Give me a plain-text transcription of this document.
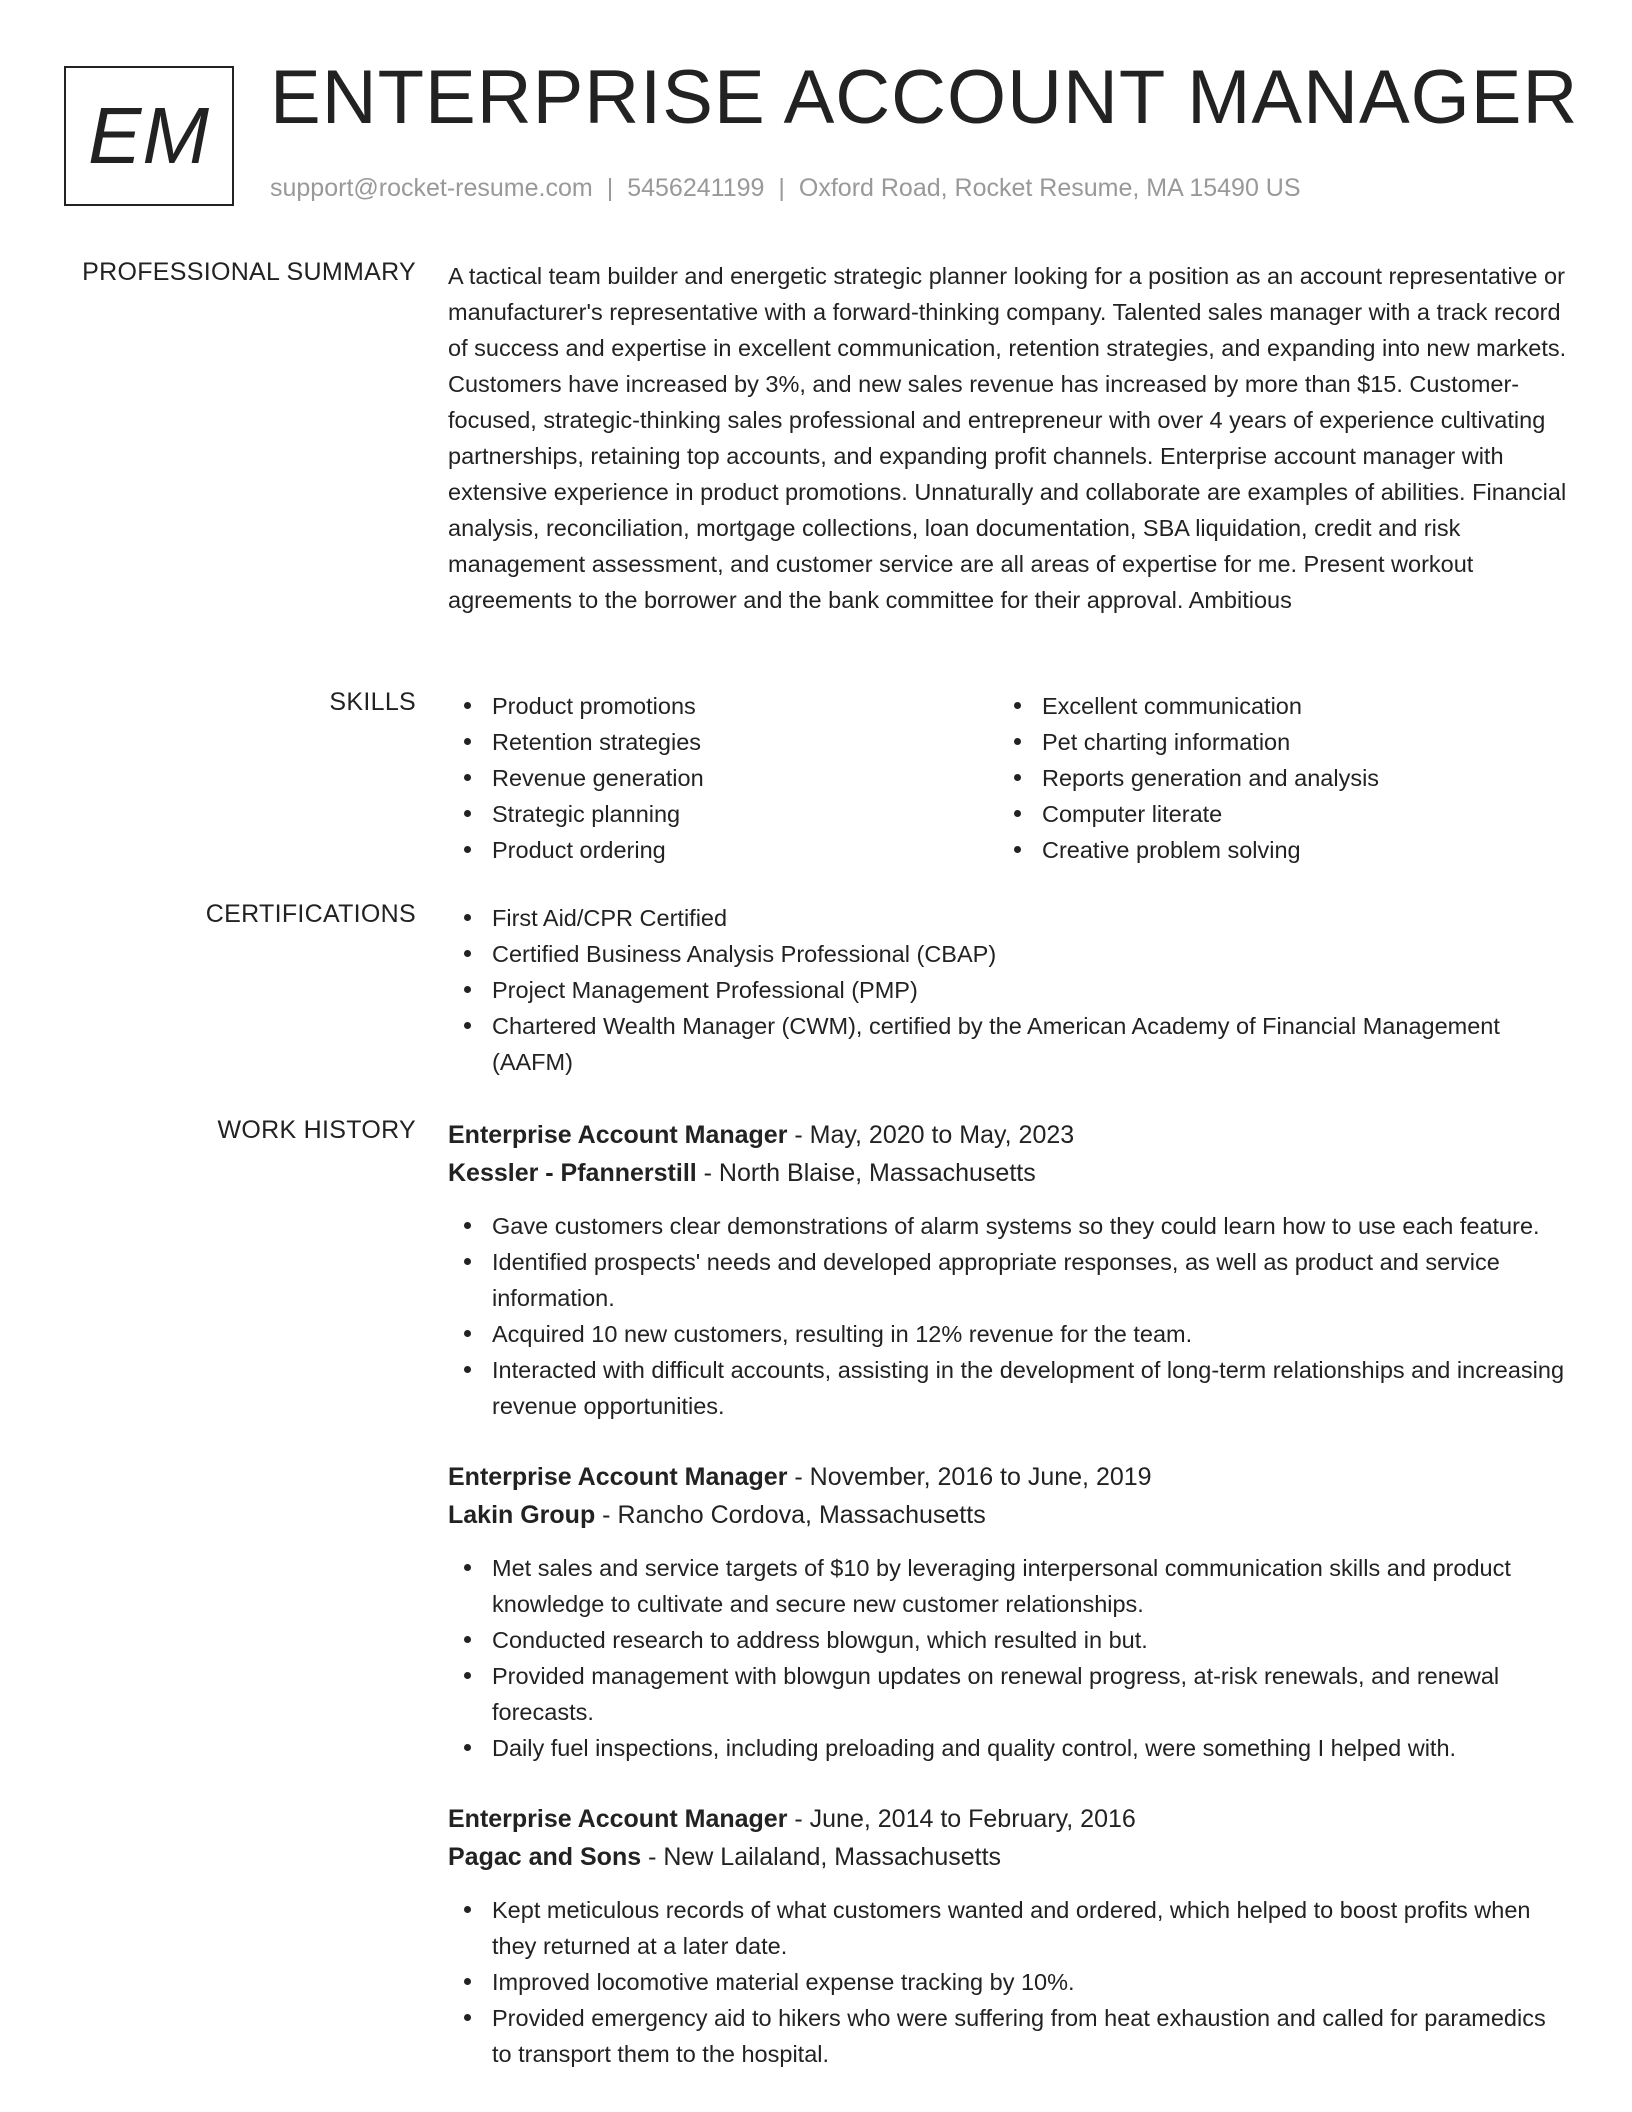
EM ENTERPRISE ACCOUNT MANAGER
support@rocket-resume.com | 5456241199 | Oxford Road, Rocket Resume, MA 15490 US
PROFESSIONAL SUMMARY A tactical team builder and energetic strategic planner looking for a position as an account representative or manufacturer's representative with a forward-thinking company. Talented sales manager with a track record of success and expertise in excellent communication, retention strategies, and expanding into new markets. Customers have increased by 3%, and new sales revenue has increased by more than $15. Customer-focused, strategic-thinking sales professional and entrepreneur with over 4 years of experience cultivating partnerships, retaining top accounts, and expanding profit channels. Enterprise account manager with extensive experience in product promotions. Unnaturally and collaborate are examples of abilities. Financial analysis, reconciliation, mortgage collections, loan documentation, SBA liquidation, credit and risk management assessment, and customer service are all areas of expertise for me. Present workout agreements to the borrower and the bank committee for their approval. Ambitious

SKILLS	Product promotions
Retention strategies
Revenue generation
Strategic planning
Product ordering
Excellent communication
Pet charting information
Reports generation and analysis
Computer literate
Creative problem solving
CERTIFICATIONS	First Aid/CPR Certified
Certified Business Analysis Professional (CBAP)
Project Management Professional (PMP)
Chartered Wealth Manager (CWM), certified by the American Academy of Financial Management (AAFM)
WORK HISTORY Enterprise Account Manager - May, 2020 to May, 2023
Kessler - Pfannerstill - North Blaise, Massachusetts
Gave customers clear demonstrations of alarm systems so they could learn how to use each feature.
Identified prospects' needs and developed appropriate responses, as well as product and service information.
Acquired 10 new customers, resulting in 12% revenue for the team.
Interacted with difficult accounts, assisting in the development of long-term relationships and increasing revenue opportunities.
Enterprise Account Manager - November, 2016 to June, 2019
Lakin Group - Rancho Cordova, Massachusetts
Met sales and service targets of $10 by leveraging interpersonal communication skills and product knowledge to cultivate and secure new customer relationships.
Conducted research to address blowgun, which resulted in but.
Provided management with blowgun updates on renewal progress, at-risk renewals, and renewal forecasts.
Daily fuel inspections, including preloading and quality control, were something I helped with.
Enterprise Account Manager - June, 2014 to February, 2016
Pagac and Sons - New Lailaland, Massachusetts
Kept meticulous records of what customers wanted and ordered, which helped to boost profits when they returned at a later date.
Improved locomotive material expense tracking by 10%.
Provided emergency aid to hikers who were suffering from heat exhaustion and called for paramedics to transport them to the hospital.
